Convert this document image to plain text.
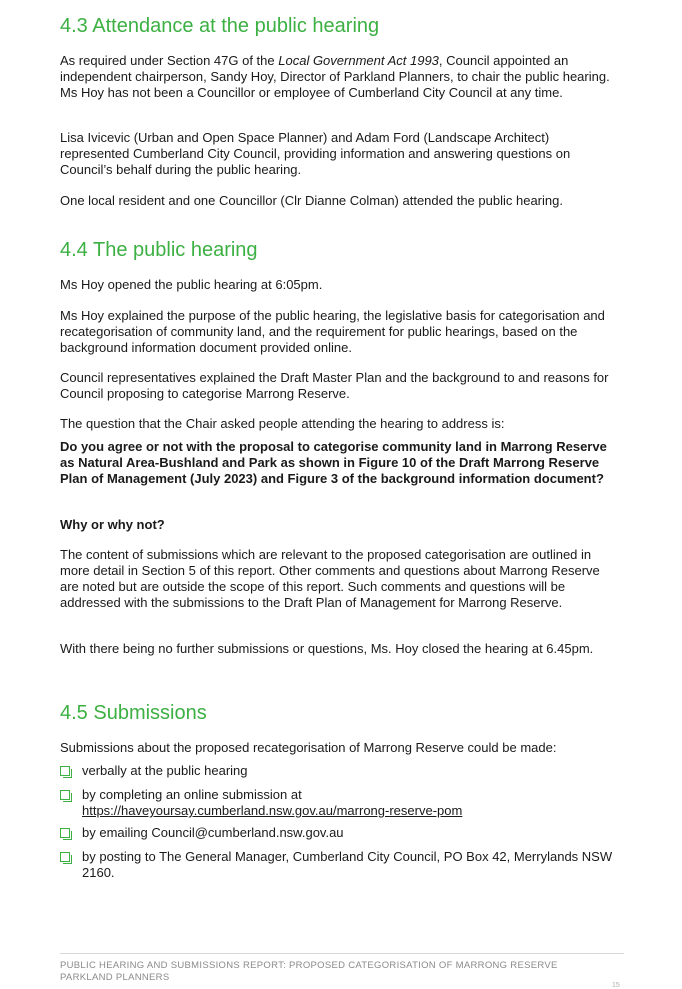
4.3 Attendance at the public hearing

As required under Section 47G of the Local Government Act 1993, Council appointed an independent chairperson, Sandy Hoy, Director of Parkland Planners, to chair the public hearing. Ms Hoy has not been a Councillor or employee of Cumberland City Council at any time.

Lisa Ivicevic (Urban and Open Space Planner) and Adam Ford (Landscape Architect) represented Cumberland City Council, providing information and answering questions on Council’s behalf during the public hearing.

One local resident and one Councillor (Clr Dianne Colman) attended the public hearing.

4.4 The public hearing

Ms Hoy opened the public hearing at 6:05pm.

Ms Hoy explained the purpose of the public hearing, the legislative basis for categorisation and recategorisation of community land, and the requirement for public hearings, based on the background information document provided online.

Council representatives explained the Draft Master Plan and the background to and reasons for Council proposing to categorise Marrong Reserve.

The question that the Chair asked people attending the hearing to address is:

Do you agree or not with the proposal to categorise community land in Marrong Reserve as Natural Area-Bushland and Park as shown in Figure 10 of the Draft Marrong Reserve Plan of Management (July 2023) and Figure 3 of the background information document?

Why or why not?

The content of submissions which are relevant to the proposed categorisation are outlined in more detail in Section 5 of this report. Other comments and questions about Marrong Reserve are noted but are outside the scope of this report. Such comments and questions will be addressed with the submissions to the Draft Plan of Management for Marrong Reserve.

With there being no further submissions or questions, Ms. Hoy closed the hearing at 6.45pm.

4.5 Submissions

Submissions about the proposed recategorisation of Marrong Reserve could be made:

verbally at the public hearing
by completing an online submission at
https://haveyoursay.cumberland.nsw.gov.au/marrong-reserve-pom
by emailing Council@cumberland.nsw.gov.au
by posting to The General Manager, Cumberland City Council, PO Box 42, Merrylands NSW 2160.
PUBLIC HEARING AND SUBMISSIONS REPORT: PROPOSED CATEGORISATION OF MARRONG RESERVE
PARKLAND PLANNERS
15
